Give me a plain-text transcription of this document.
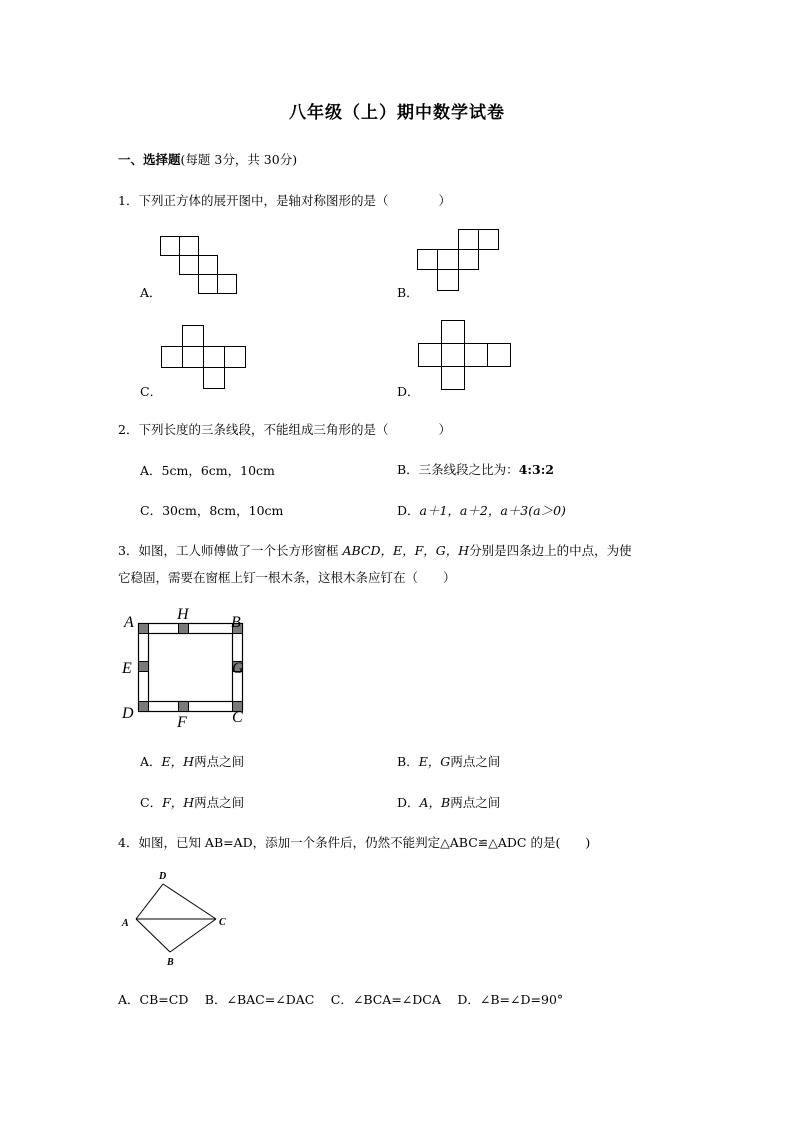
八年级（上）期中数学试卷
一、选择题(每题 3分，共 30分)
1．下列正方体的展开图中，是轴对称图形的是（　　　　）
A．	B．
C．	D．
2．下列长度的三条线段，不能组成三角形的是（　　　　）
A．5cm，6cm，10cm	B．三条线段之比为：4:3:2
C．30cm，8cm，10cm	D．a＋1，a＋2，a＋3(a＞0)
3．如图，工人师傅做了一个长方形窗框 ABCD，E，F，G，H分别是四条边上的中点，为使
它稳固，需要在窗框上钉一根木条，这根木条应钉在（　　）
A	H	B
E	G
D
F	C
A．E，H两点之间	B．E，G两点之间
C．F，H两点之间	D．A，B两点之间
4．如图，已知 AB=AD，添加一个条件后，仍然不能判定△ABC≌△ADC 的是(　　)
D
A	C
B
A．CB=CD　 B．∠BAC=∠DAC　 C．∠BCA=∠DCA　 D．∠B=∠D=90°
